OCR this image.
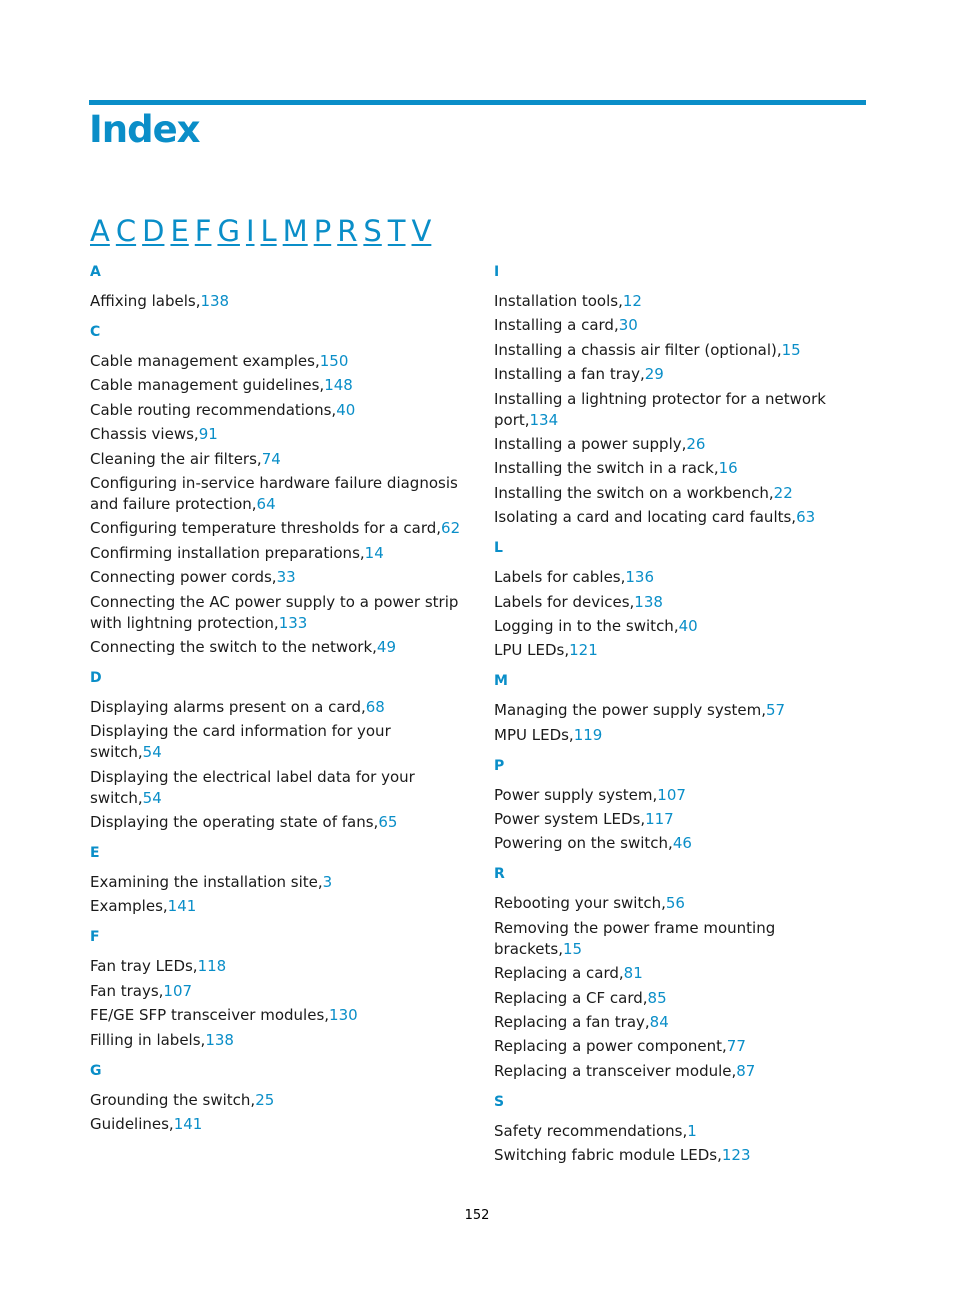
Index
A C D E F G I L M P R S T V
A
Affixing labels,138
C
Cable management examples,150
Cable management guidelines,148
Cable routing recommendations,40
Chassis views,91
Cleaning the air filters,74
Configuring in-service hardware failure diagnosis and failure protection,64
Configuring temperature thresholds for a card,62
Confirming installation preparations,14
Connecting power cords,33
Connecting the AC power supply to a power strip with lightning protection,133
Connecting the switch to the network,49
D
Displaying alarms present on a card,68
Displaying the card information for your switch,54
Displaying the electrical label data for your switch,54
Displaying the operating state of fans,65
E
Examining the installation site,3
Examples,141
F
Fan tray LEDs,118
Fan trays,107
FE/GE SFP transceiver modules,130
Filling in labels,138
G
Grounding the switch,25
Guidelines,141
I
Installation tools,12
Installing a card,30
Installing a chassis air filter (optional),15
Installing a fan tray,29
Installing a lightning protector for a network port,134
Installing a power supply,26
Installing the switch in a rack,16
Installing the switch on a workbench,22
Isolating a card and locating card faults,63
L
Labels for cables,136
Labels for devices,138
Logging in to the switch,40
LPU LEDs,121
M
Managing the power supply system,57
MPU LEDs,119
P
Power supply system,107
Power system LEDs,117
Powering on the switch,46
R
Rebooting your switch,56
Removing the power frame mounting brackets,15
Replacing a card,81
Replacing a CF card,85
Replacing a fan tray,84
Replacing a power component,77
Replacing a transceiver module,87
S
Safety recommendations,1
Switching fabric module LEDs,123
152
